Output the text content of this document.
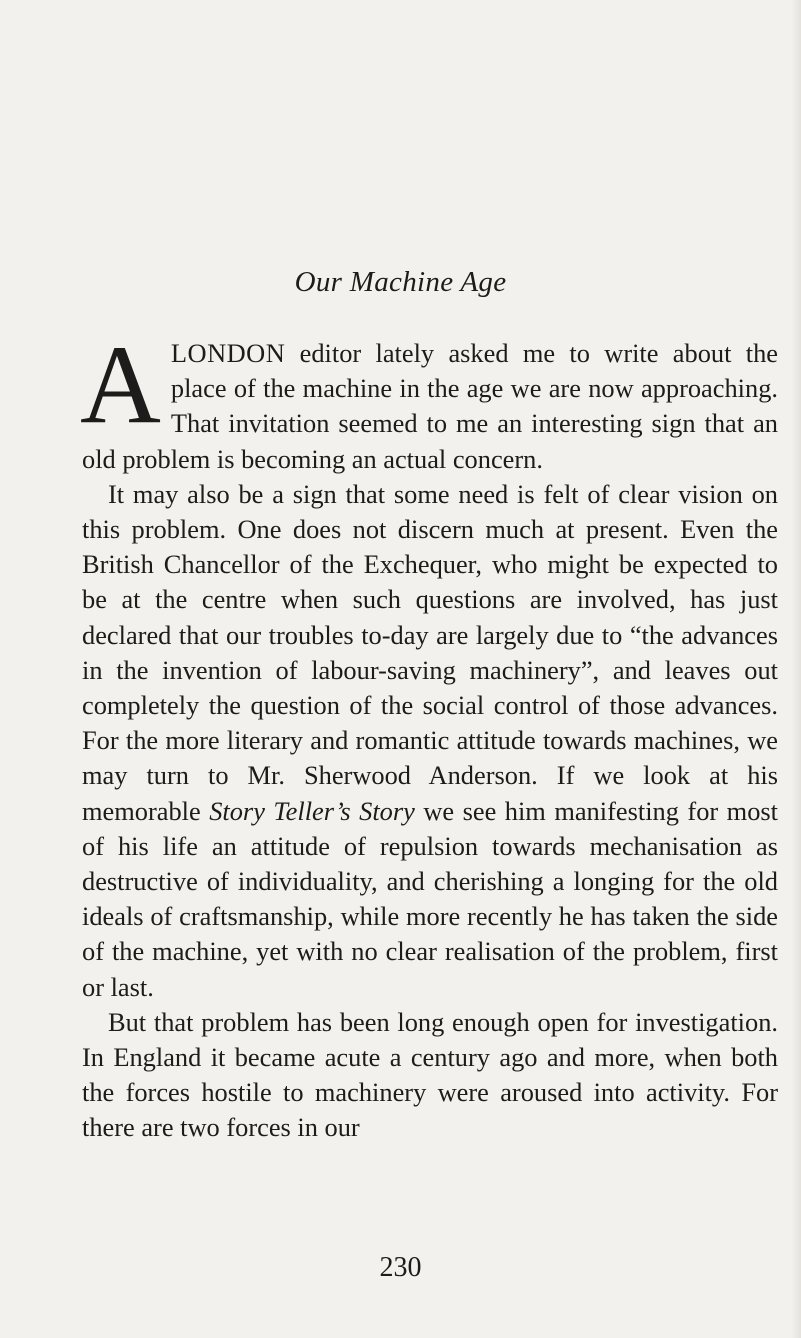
Our Machine Age

ALONDON editor lately asked me to write about the place of the machine in the age we are now approaching. That invitation seemed to me an interesting sign that an old problem is becoming an actual concern.

It may also be a sign that some need is felt of clear vision on this problem. One does not discern much at present. Even the British Chancellor of the Exchequer, who might be expected to be at the centre when such questions are involved, has just declared that our troubles to-day are largely due to “the advances in the invention of labour-saving machinery”, and leaves out completely the question of the social control of those advances. For the more literary and romantic attitude towards machines, we may turn to Mr. Sherwood Anderson. If we look at his memorable Story Teller’s Story we see him manifesting for most of his life an attitude of repulsion towards mechanisation as destructive of individuality, and cherishing a longing for the old ideals of craftsmanship, while more recently he has taken the side of the machine, yet with no clear realisation of the problem, first or last.

But that problem has been long enough open for investigation. In England it became acute a century ago and more, when both the forces hostile to machinery were aroused into activity. For there are two forces in our

230
